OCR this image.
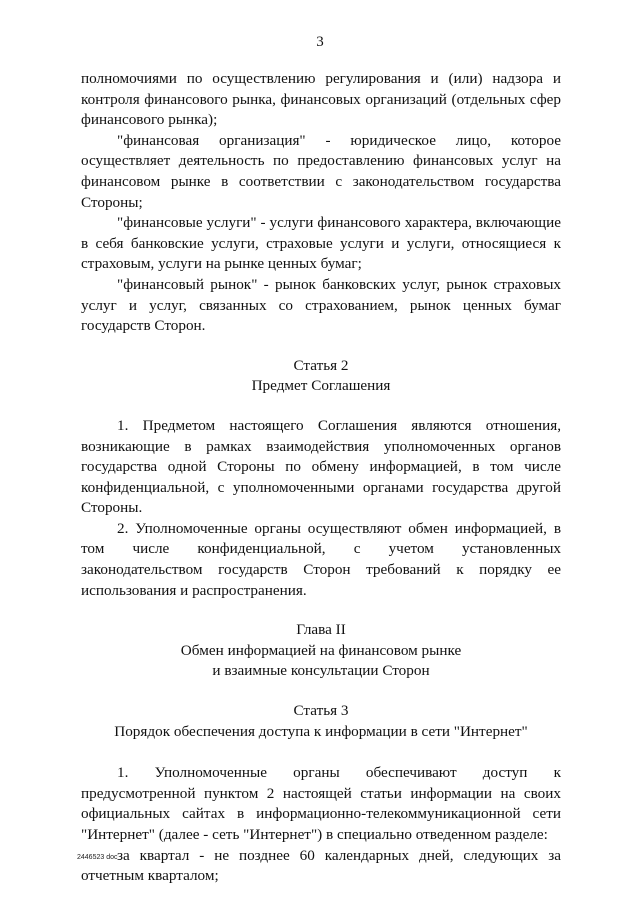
3

полномочиями по осуществлению регулирования и (или) надзора и контроля финансового рынка, финансовых организаций (отдельных сфер финансового рынка);

"финансовая организация" - юридическое лицо, которое осуществляет деятельность по предоставлению финансовых услуг на финансовом рынке в соответствии с законодательством государства Стороны;

"финансовые услуги" - услуги финансового характера, включающие в себя банковские услуги, страховые услуги и услуги, относящиеся к страховым, услуги на рынке ценных бумаг;

"финансовый рынок" - рынок банковских услуг, рынок страховых услуг и услуг, связанных со страхованием, рынок ценных бумаг государств Сторон.

Статья 2

Предмет Соглашения

1. Предметом настоящего Соглашения являются отношения, возникающие в рамках взаимодействия уполномоченных органов государства одной Стороны по обмену информацией, в том числе конфиденциальной, с уполномоченными органами государства другой Стороны.

2. Уполномоченные органы осуществляют обмен информацией, в том числе конфиденциальной, с учетом установленных законодательством государств Сторон требований к порядку ее использования и распространения.

Глава II

Обмен информацией на финансовом рынке

и взаимные консультации Сторон

Статья 3

Порядок обеспечения доступа к информации в сети "Интернет"

1. Уполномоченные органы обеспечивают доступ к предусмотренной пунктом 2 настоящей статьи информации на своих официальных сайтах в информационно-телекоммуникационной сети "Интернет" (далее - сеть "Интернет") в специально отведенном разделе:

за квартал - не позднее 60 календарных дней, следующих за отчетным кварталом;

2446523 doc
